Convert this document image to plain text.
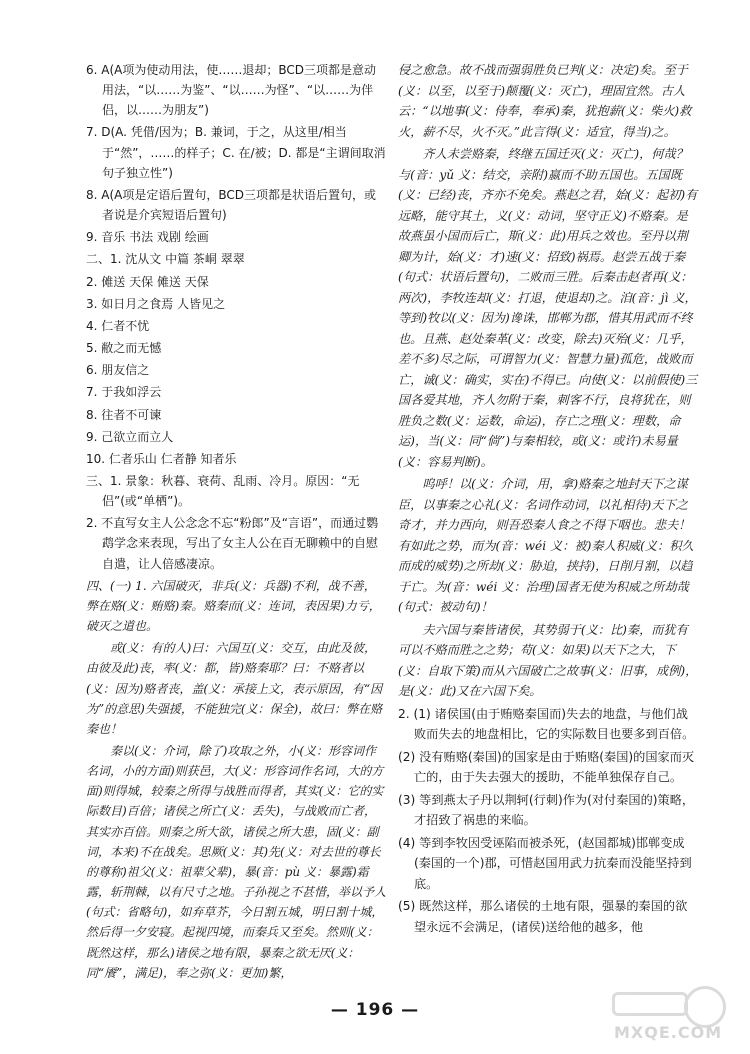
6. A(A项为使动用法，使……退却；BCD三项都是意动用法，“以……为鉴”、“以……为怪”、“以……为伴侣，以……为朋友”)

7. D(A. 凭借/因为；B. 兼词，于之，从这里/相当于“然”，……的样子；C. 在/被；D. 都是“主谓间取消句子独立性”)

8. A(A项是定语后置句，BCD三项都是状语后置句，或者说是介宾短语后置句)

9. 音乐 书法 戏剧 绘画

二、1. 沈从文 中篇 茶峒 翠翠

2. 傩送 天保 傩送 天保

3. 如日月之食焉 人皆见之

4. 仁者不忧

5. 敝之而无憾

6. 朋友信之

7. 于我如浮云

8. 往者不可谏

9. 己欲立而立人

10. 仁者乐山 仁者静 知者乐

三、1. 景象：秋暮、衰荷、乱雨、冷月。原因：“无侣”(或“单栖”)。

2. 不直写女主人公念念不忘“粉郎”及“言语”，而通过鹦鹉学念来表现，写出了女主人公在百无聊赖中的自慰自遣，让人倍感凄凉。

四、(一) 1. 六国破灭，非兵(义：兵器)不利，战不善，弊在赂(义：贿赂)秦。赂秦而(义：连词，表因果)力亏，破灭之道也。

或(义：有的人)曰：六国互(义：交互，由此及彼，由彼及此)丧，率(义：都，皆)赂秦耶？曰：不赂者以(义：因为)赂者丧，盖(义：承接上文，表示原因，有“因为”的意思)失强援，不能独完(义：保全)，故曰：弊在赂秦也！

秦以(义：介词，除了)攻取之外，小(义：形容词作名词，小的方面)则获邑，大(义：形容词作名词，大的方面)则得城，较秦之所得与战胜而得者，其实(义：它的实际数目)百倍；诸侯之所亡(义：丢失)，与战败而亡者，其实亦百倍。则秦之所大欲，诸侯之所大患，固(义：副词，本来)不在战矣。思厥(义：其)先(义：对去世的尊长的尊称)祖父(义：祖辈父辈)，暴(音：pù 义：暴露)霜露，斩荆棘，以有尺寸之地。子孙视之不甚惜，举以予人(句式：省略句)，如弃草芥，今日割五城，明日割十城，然后得一夕安寝。起视四境，而秦兵又至矣。然则(义：既然这样，那么)诸侯之地有限，暴秦之欲无厌(义：同“餍”，满足)，奉之弥(义：更加)繁，

侵之愈急。故不战而强弱胜负已判(义：决定)矣。至于(义：以至，以至于)颠覆(义：灭亡)，理固宜然。古人云：“以地事(义：侍奉，奉承)秦，犹抱薪(义：柴火)救火，薪不尽，火不灭。”此言得(义：适宜，得当)之。

齐人未尝赂秦，终继五国迁灭(义：灭亡)，何哉？与(音：yǔ 义：结交，亲附)嬴而不助五国也。五国既(义：已经)丧，齐亦不免矣。燕赵之君，始(义：起初)有远略，能守其土，义(义：动词，坚守正义)不赂秦。是故燕虽小国而后亡，斯(义：此)用兵之效也。至丹以荆卿为计，始(义：才)速(义：招致)祸焉。赵尝五战于秦(句式：状语后置句)，二败而三胜。后秦击赵者再(义：两次)，李牧连却(义：打退，使退却)之。洎(音：jì 义，等到)牧以(义：因为)谗诛，邯郸为郡，惜其用武而不终也。且燕、赵处秦革(义：改变，除去)灭殆(义：几乎，差不多)尽之际，可谓智力(义：智慧力量)孤危，战败而亡，诚(义：确实，实在)不得已。向使(义：以前假使)三国各爱其地，齐人勿附于秦，刺客不行，良将犹在，则胜负之数(义：运数，命运)，存亡之理(义：理数，命运)，当(义：同“倘”)与秦相较，或(义：或许)未易量(义：容易判断)。

呜呼！以(义：介词，用，拿)赂秦之地封天下之谋臣，以事秦之心礼(义：名词作动词，以礼相待)天下之奇才，并力西向，则吾恐秦人食之不得下咽也。悲夫！有如此之势，而为(音：wéi 义：被)秦人积威(义：积久而成的威势)之所劫(义：胁迫，挟持)，日削月割，以趋于亡。为(音：wéi 义：治理)国者无使为积威之所劫哉(句式：被动句)！

夫六国与秦皆诸侯，其势弱于(义：比)秦，而犹有可以不赂而胜之之势；苟(义：如果)以天下之大，下(义：自取下策)而从六国破亡之故事(义：旧事，成例)，是(义：此)又在六国下矣。

2. (1) 诸侯国(由于贿赂秦国而)失去的地盘，与他们战败而失去的地盘相比，它的实际数目也要多到百倍。

(2) 没有贿赂(秦国)的国家是由于贿赂(秦国)的国家而灭亡的，由于失去强大的援助，不能单独保存自己。

(3) 等到燕太子丹以荆轲(行刺)作为(对付秦国的)策略，才招致了祸患的来临。

(4) 等到李牧因受诬陷而被杀死，(赵国都城)邯郸变成(秦国的一个)郡，可惜赵国用武力抗秦而没能坚持到底。

(5) 既然这样，那么诸侯的土地有限，强暴的秦国的欲望永远不会满足，(诸侯)送给他的越多，他

— 196 —
MXQE.COM
